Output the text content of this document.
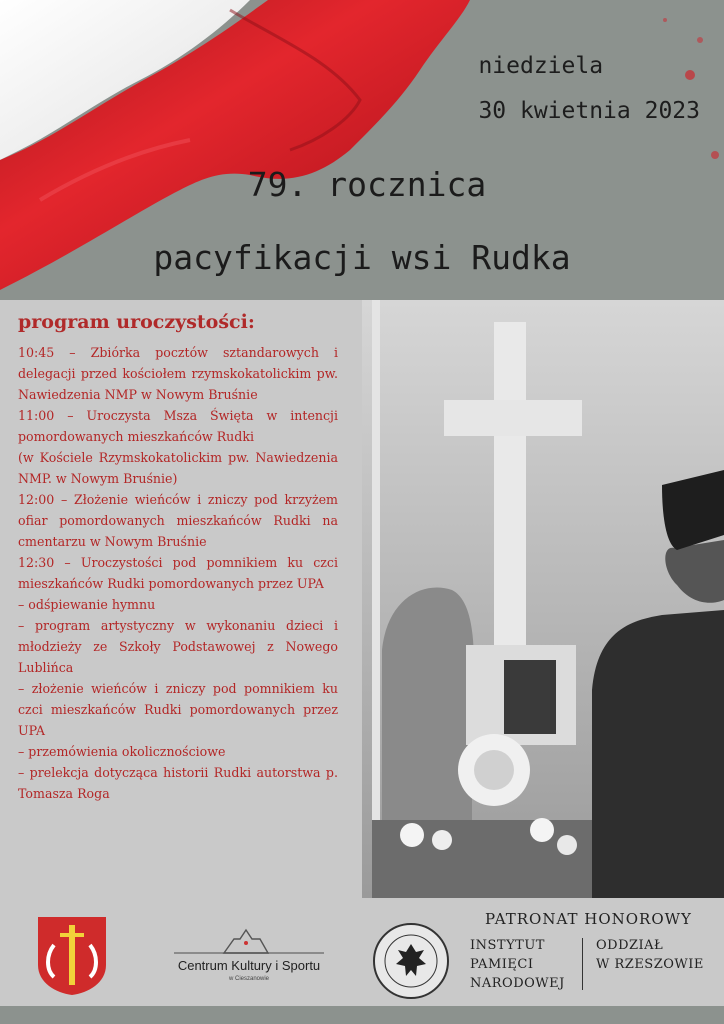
niedziela
30 kwietnia 2023
79. rocznica
pacyfikacji wsi Rudka
program uroczystości:

10:45 – Zbiórka pocztów sztandarowych i delegacji przed kościołem rzymskokatolickim pw. Nawiedzenia NMP w Nowym Bruśnie

11:00 – Uroczysta Msza Święta w intencji pomordowanych mieszkańców Rudki

(w Kościele Rzymskokatolickim pw. Nawiedzenia NMP. w Nowym Bruśnie)

12:00 – Złożenie wieńców i zniczy pod krzyżem ofiar pomordowanych mieszkańców Rudki na cmentarzu w Nowym Bruśnie

12:30 – Uroczystości pod pomnikiem ku czci mieszkańców Rudki pomordowanych przez UPA

– odśpiewanie hymnu

– program artystyczny w wykonaniu dzieci i młodzieży ze Szkoły Podstawowej z Nowego Lublińca

– złożenie wieńców i zniczy pod pomnikiem ku czci mieszkańców Rudki pomordowanych przez UPA

– przemówienia okolicznościowe

– prelekcja dotycząca historii Rudki autorstwa p. Tomasza Roga

Centrum Kultury i Sportu
w Cieszanowie
PATRONAT HONOROWY
INSTYTUT
PAMIĘCI
NARODOWEJ
ODDZIAŁ
W RZESZOWIE
